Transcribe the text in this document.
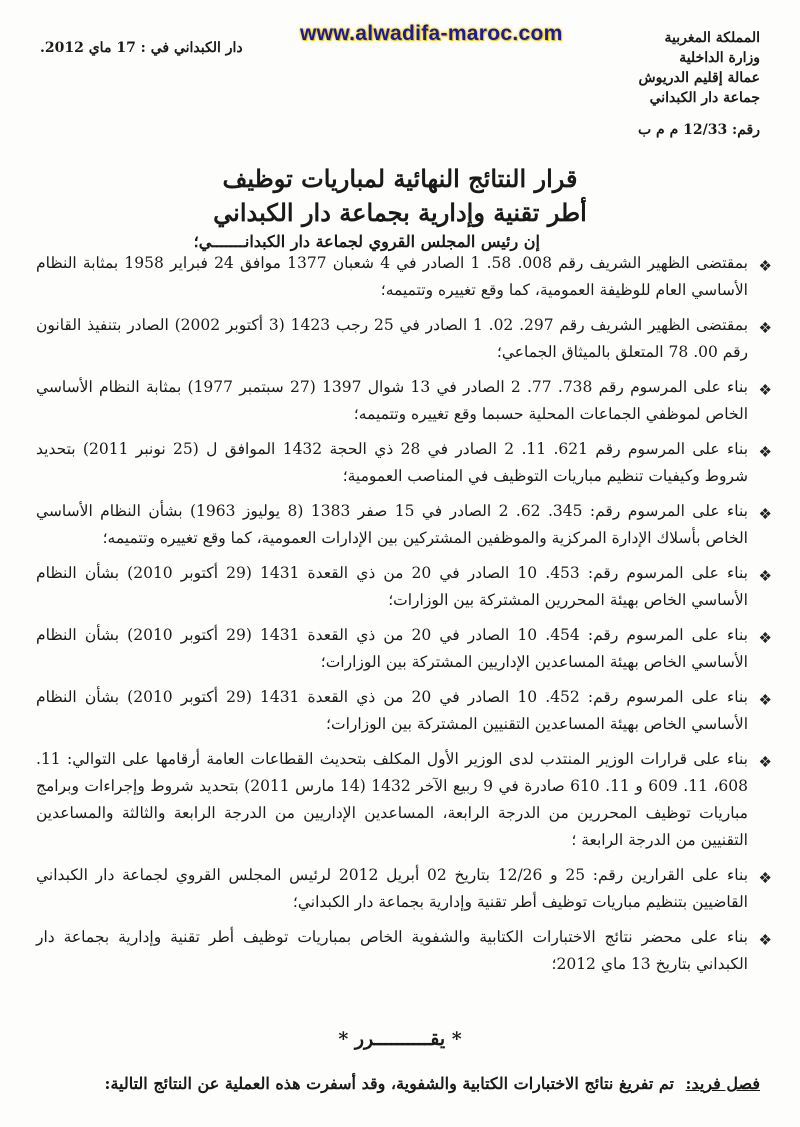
www.alwadifa-maroc.com
دار الكبداني في : 17 ماي 2012.
المملكة المغربية
وزارة الداخلية
عمالة إقليم الدريوش
جماعة دار الكبداني
رقم: 12/33 م م ب
قرار النتائج النهائية لمباريات توظيف
أطر تقنية وإدارية بجماعة دار الكبداني
إن رئيس المجلس القروي لجماعة دار الكبدانـــــــي؛
❖
بمقتضى الظهير الشريف رقم 008. 58. 1 الصادر في 4 شعبان 1377 موافق 24 فبراير 1958 بمثابة النظام الأساسي العام للوظيفة العمومية، كما وقع تغييره وتتميمه؛
❖
بمقتضى الظهير الشريف رقم 297. 02. 1 الصادر في 25 رجب 1423 (3 أكتوبر 2002) الصادر بتنفيذ القانون رقم 00. 78 المتعلق بالميثاق الجماعي؛
❖
بناء على المرسوم رقم 738. 77. 2 الصادر في 13 شوال 1397 (27 سبتمبر 1977) بمثابة النظام الأساسي الخاص لموظفي الجماعات المحلية حسبما وقع تغييره وتتميمه؛
❖
بناء على المرسوم رقم 621. 11. 2 الصادر في 28 ذي الحجة 1432 الموافق ل (25 نونبر 2011) بتحديد شروط وكيفيات تنظيم مباريات التوظيف في المناصب العمومية؛
❖
بناء على المرسوم رقم: 345. 62. 2 الصادر في 15 صفر 1383 (8 يوليوز 1963) بشأن النظام الأساسي الخاص بأسلاك الإدارة المركزية والموظفين المشتركين بين الإدارات العمومية، كما وقع تغييره وتتميمه؛
❖
بناء على المرسوم رقم: 453. 10 الصادر في 20 من ذي القعدة 1431 (29 أكتوبر 2010) بشأن النظام الأساسي الخاص بهيئة المحررين المشتركة بين الوزارات؛
❖
بناء على المرسوم رقم: 454. 10 الصادر في 20 من ذي القعدة 1431 (29 أكتوبر 2010) بشأن النظام الأساسي الخاص بهيئة المساعدين الإداريين المشتركة بين الوزارات؛
❖
بناء على المرسوم رقم: 452. 10 الصادر في 20 من ذي القعدة 1431 (29 أكتوبر 2010) بشأن النظام الأساسي الخاص بهيئة المساعدين التقنيين المشتركة بين الوزارات؛
❖
بناء على قرارات الوزير المنتدب لدى الوزير الأول المكلف بتحديث القطاعات العامة أرقامها على التوالي: 11. 608، 11. 609 و 11. 610 صادرة في 9 ربيع الآخر 1432 (14 مارس 2011) بتحديد شروط وإجراءات وبرامج مباريات توظيف المحررين من الدرجة الرابعة، المساعدين الإداريين من الدرجة الرابعة والثالثة والمساعدين التقنيين من الدرجة الرابعة ؛
❖
بناء على القرارين رقم: 25 و 12/26 بتاريخ 02 أبريل 2012 لرئيس المجلس القروي لجماعة دار الكبداني القاضيين بتنظيم مباريات توظيف أطر تقنية وإدارية بجماعة دار الكبداني؛
❖
بناء على محضر نتائج الاختبارات الكتابية والشفوية الخاص بمباريات توظيف أطر تقنية وإدارية بجماعة دار الكبداني بتاريخ 13 ماي 2012؛
* يقــــــــــرر *
فصل فريد: تم تفريغ نتائج الاختبارات الكتابية والشفوية، وقد أسفرت هذه العملية عن النتائج التالية:
